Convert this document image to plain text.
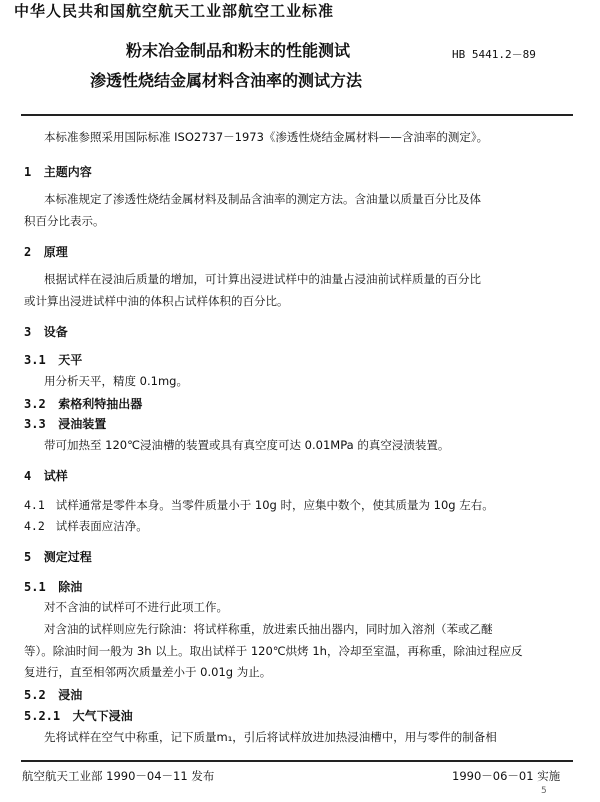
中华人民共和国航空航天工业部航空工业标准
粉末冶金制品和粉末的性能测试
渗透性烧结金属材料含油率的测试方法
HB 5441.2－89
本标准参照采用国际标准 ISO2737－1973《渗透性烧结金属材料——含油率的测定》。
1 主题内容
本标准规定了渗透性烧结金属材料及制品含油率的测定方法。含油量以质量百分比及体
积百分比表示。
2 原理
根据试样在浸油后质量的增加，可计算出浸进试样中的油量占浸油前试样质量的百分比
或计算出浸进试样中油的体积占试样体积的百分比。
3 设备
3.1 天平
用分析天平，精度 0.1mg。
3.2 索格利特抽出器
3.3 浸油装置
带可加热至 120℃浸油槽的装置或具有真空度可达 0.01MPa 的真空浸渍装置。
4 试样
4.1 试样通常是零件本身。当零件质量小于 10g 时，应集中数个，使其质量为 10g 左右。
4.2 试样表面应洁净。
5 测定过程
5.1 除油
对不含油的试样可不进行此项工作。
对含油的试样则应先行除油：将试样称重，放进索氏抽出器内，同时加入溶剂（苯或乙醚
等）。除油时间一般为 3h 以上。取出试样于 120℃烘烤 1h，冷却至室温，再称重，除油过程应反
复进行，直至相邻两次质量差小于 0.01g 为止。
5.2 浸油
5.2.1 大气下浸油
先将试样在空气中称重，记下质量m₁，引后将试样放进加热浸油槽中，用与零件的制备相
航空航天工业部 1990－04－11 发布	1990－06－01 实施
5
